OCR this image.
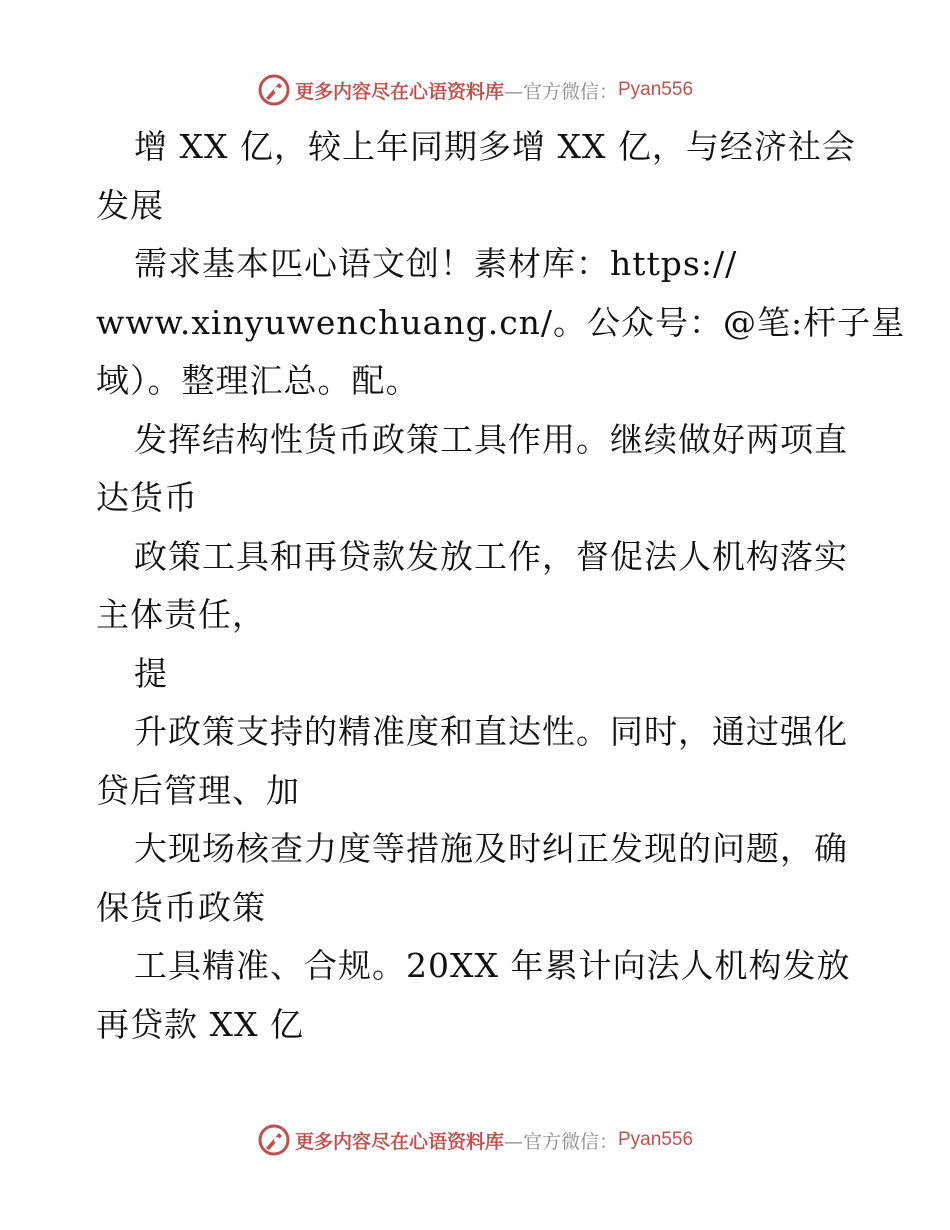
更多内容尽在心语资料库 —官方微信： Pyan556
增 XX 亿，较上年同期多增 XX 亿，与经济社会
发展
需求基本匹心语文创！素材库：https://
www.xinyuwenchuang.cn/。公众号：@笔:杆子星
域）。整理汇总。配。
发挥结构性货币政策工具作用。继续做好两项直
达货币
政策工具和再贷款发放工作，督促法人机构落实
主体责任，
提
升政策支持的精准度和直达性。同时，通过强化
贷后管理、加
大现场核查力度等措施及时纠正发现的问题，确
保货币政策
工具精准、合规。20XX 年累计向法人机构发放
再贷款 XX 亿
更多内容尽在心语资料库 —官方微信： Pyan556
